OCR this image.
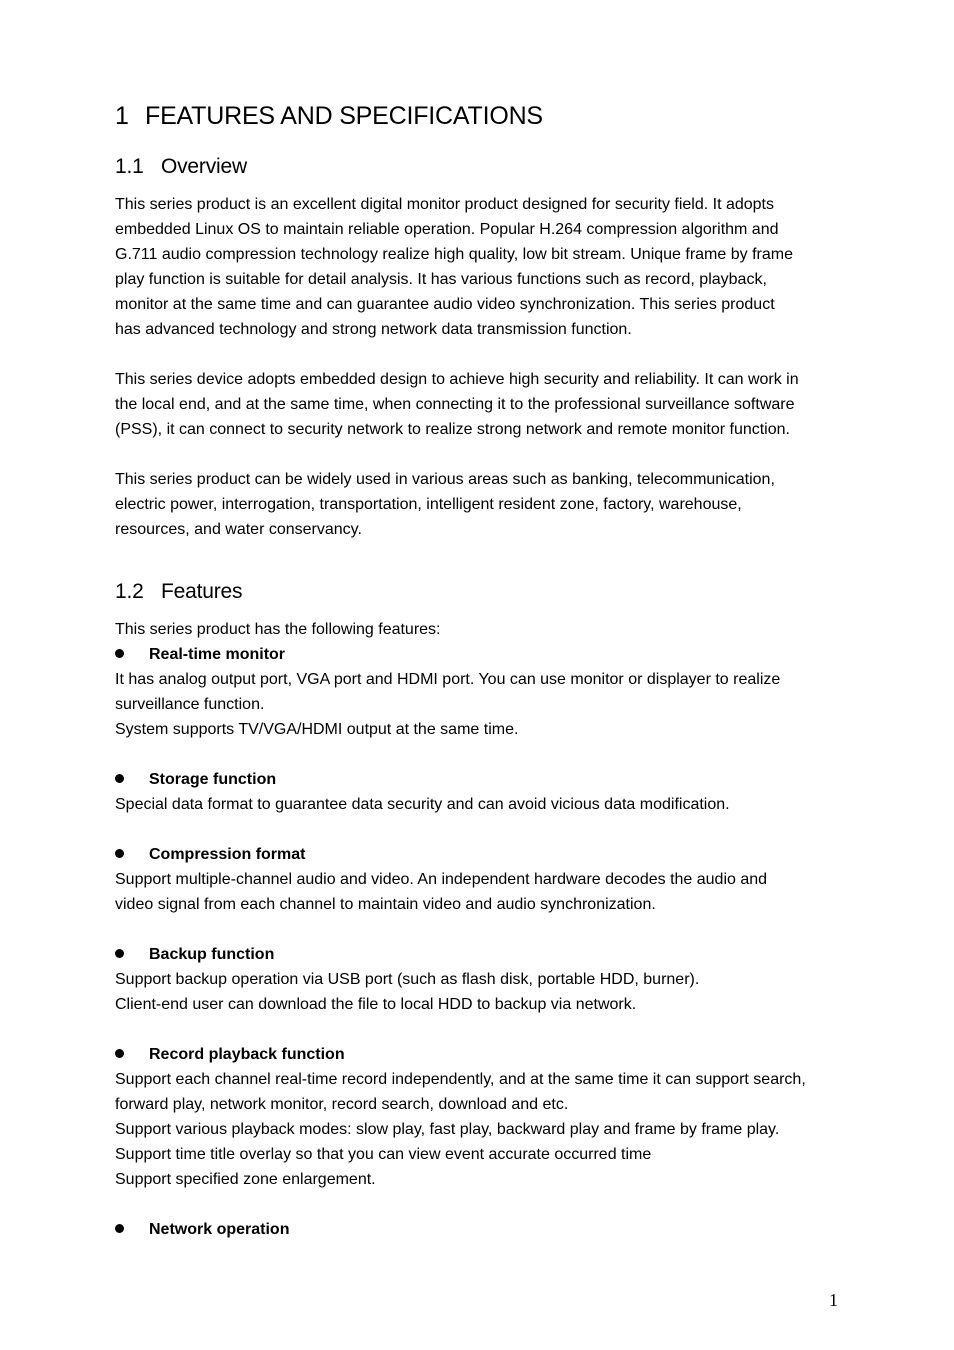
1 FEATURES AND SPECIFICATIONS
1.1 Overview

This series product is an excellent digital monitor product designed for security field. It adopts
embedded Linux OS to maintain reliable operation. Popular H.264 compression algorithm and
G.711 audio compression technology realize high quality, low bit stream. Unique frame by frame
play function is suitable for detail analysis. It has various functions such as record, playback,
monitor at the same time and can guarantee audio video synchronization. This series product
has advanced technology and strong network data transmission function.

This series device adopts embedded design to achieve high security and reliability. It can work in
the local end, and at the same time, when connecting it to the professional surveillance software
(PSS), it can connect to security network to realize strong network and remote monitor function.

This series product can be widely used in various areas such as banking, telecommunication,
electric power, interrogation, transportation, intelligent resident zone, factory, warehouse,
resources, and water conservancy.

1.2 Features

This series product has the following features:

Real-time monitor

It has analog output port, VGA port and HDMI port. You can use monitor or displayer to realize
surveillance function.
System supports TV/VGA/HDMI output at the same time.

Storage function

Special data format to guarantee data security and can avoid vicious data modification.

Compression format

Support multiple-channel audio and video. An independent hardware decodes the audio and
video signal from each channel to maintain video and audio synchronization.

Backup function

Support backup operation via USB port (such as flash disk, portable HDD, burner).
Client-end user can download the file to local HDD to backup via network.

Record playback function

Support each channel real-time record independently, and at the same time it can support search,
forward play, network monitor, record search, download and etc.
Support various playback modes: slow play, fast play, backward play and frame by frame play.
Support time title overlay so that you can view event accurate occurred time
Support specified zone enlargement.

Network operation
1
